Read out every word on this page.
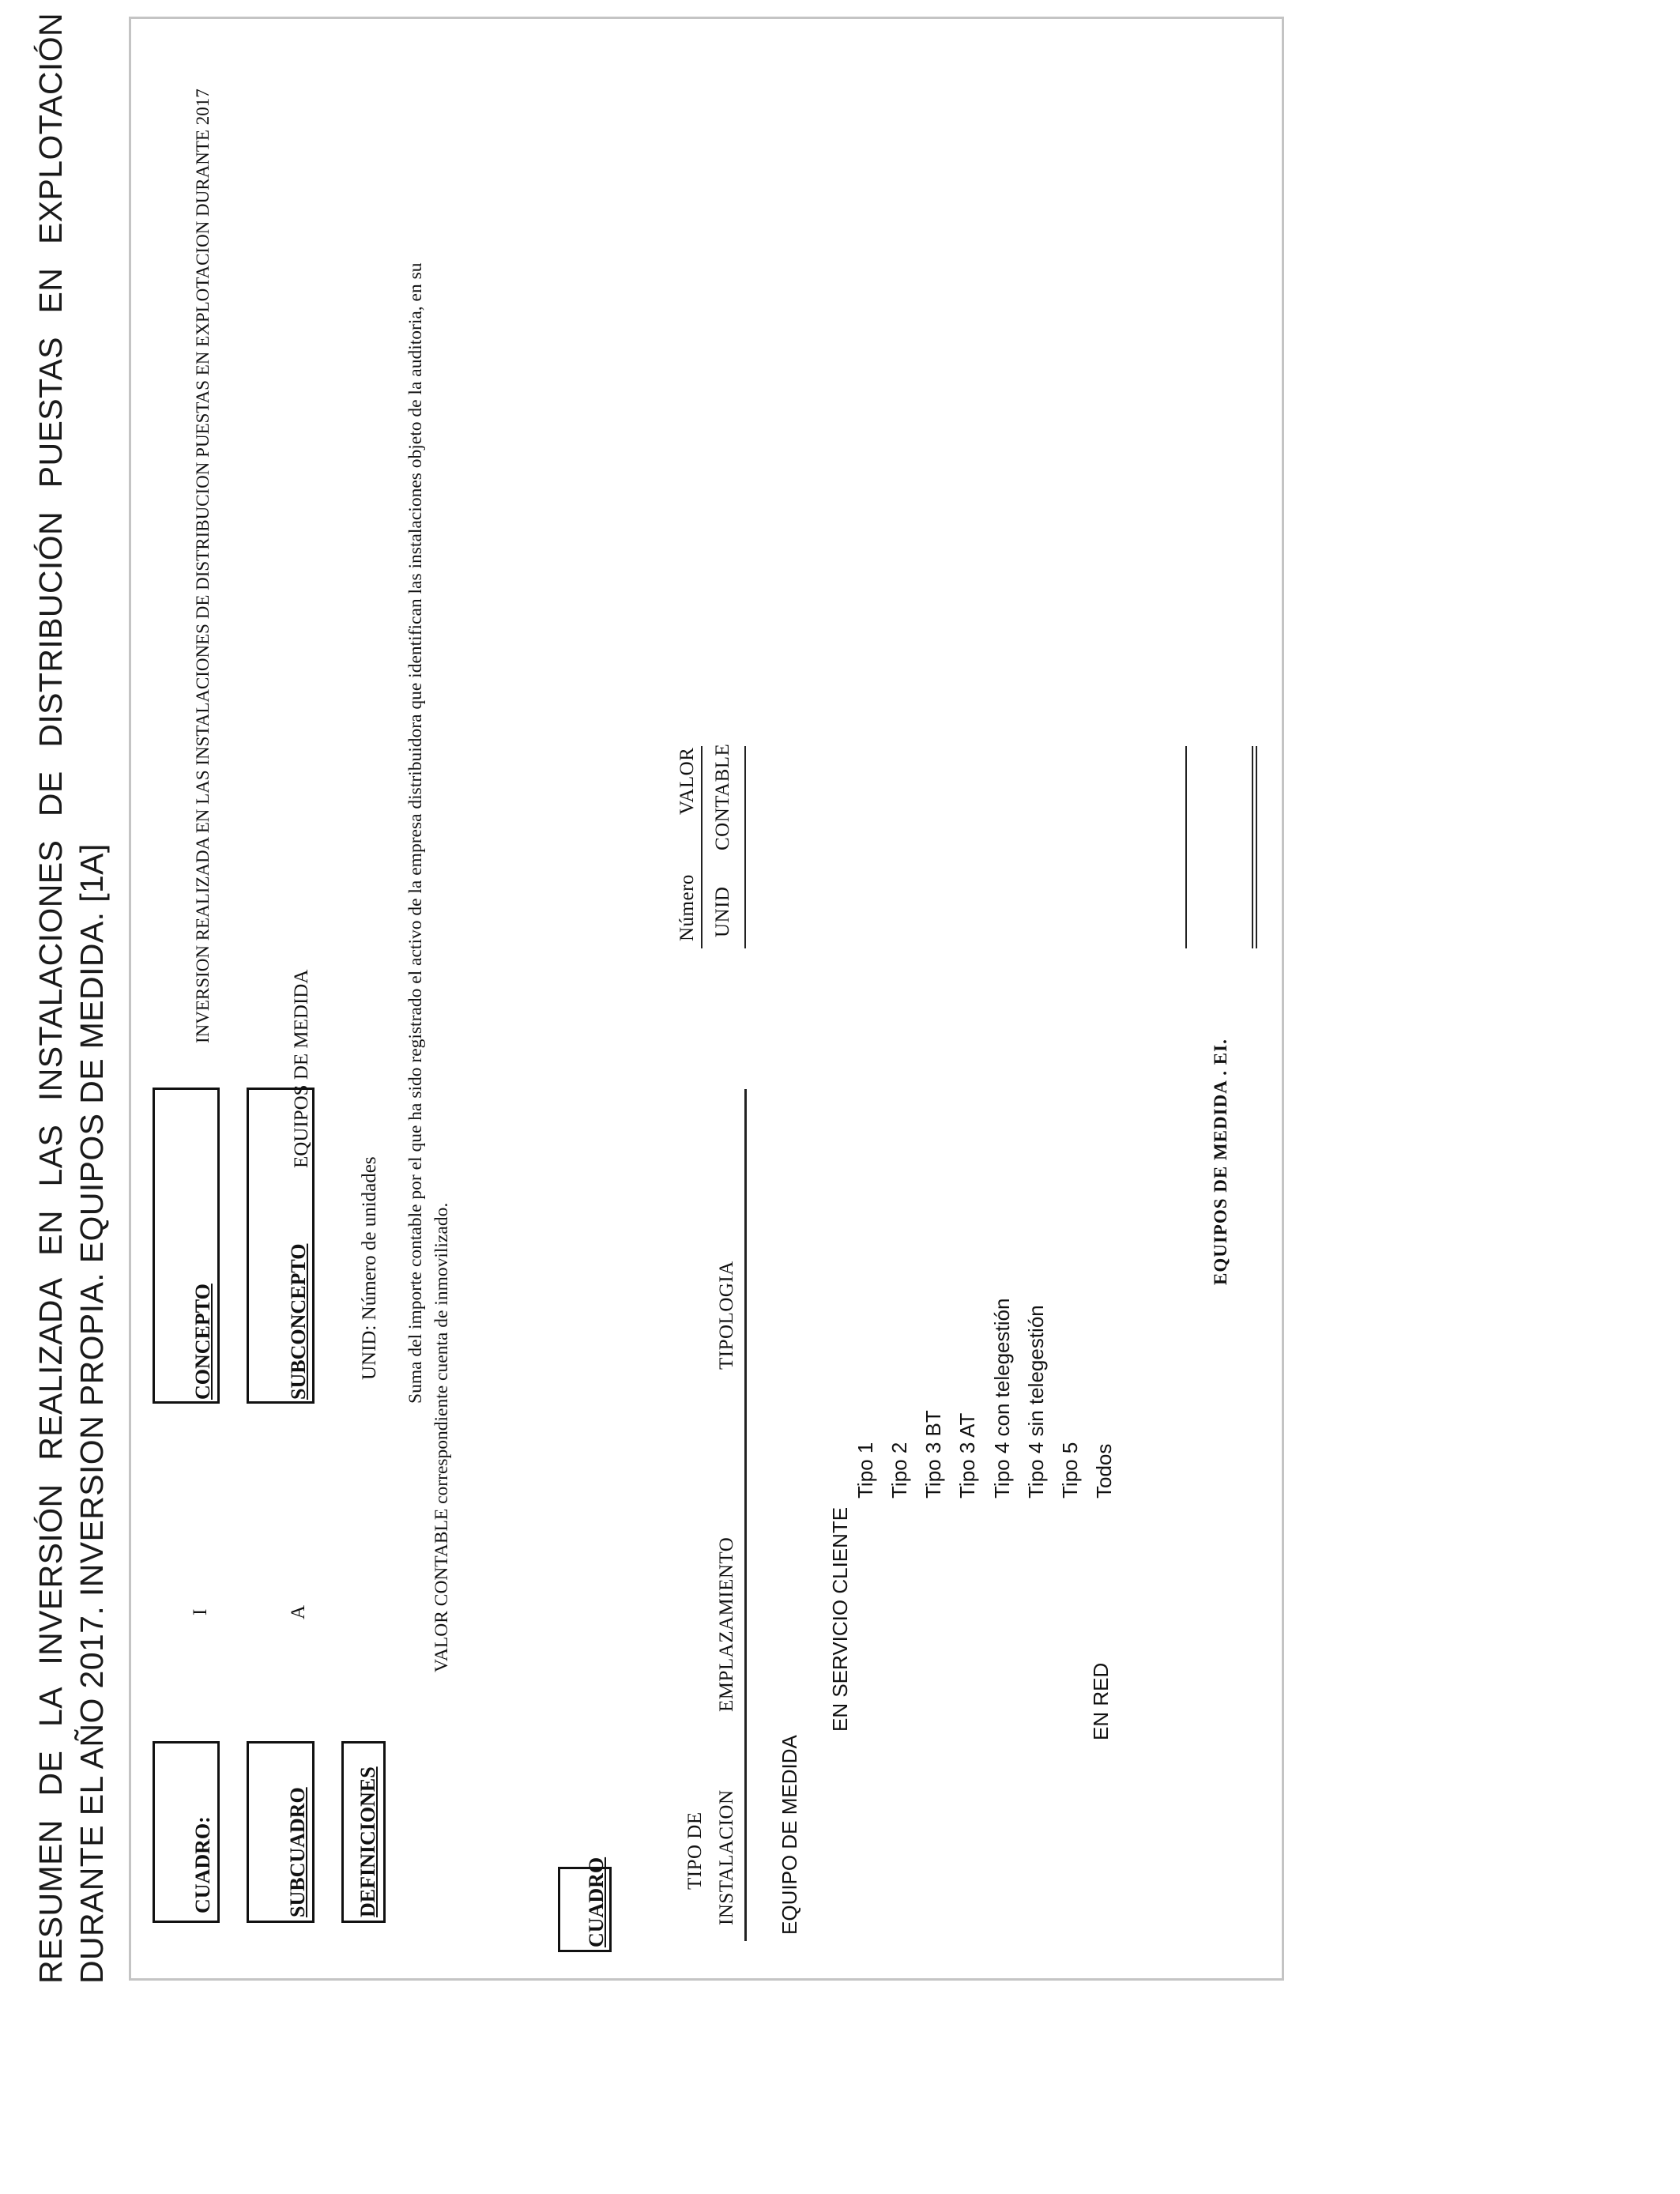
RESUMEN DE LA INVERSIÓN REALIZADA EN LAS INSTALACIONES DE DISTRIBUCIÓN PUESTAS EN EXPLOTACIÓN DURANTE EL AÑO 2017. INVERSION PROPIA. EQUIPOS DE MEDIDA. [1A]	CUADRO:
I
CONCEPTO
INVERSION REALIZADA EN LAS INSTALACIONES DE DISTRIBUCION PUESTAS EN EXPLOTACION DURANTE 2017
SUBCUADRO
A
SUBCONCEPTO
EQUIPOS DE MEDIDA
DEFINICIONES
UNID: Número de unidades Suma del importe contable por el que ha sido registrado el activo de la empresa distribuidora que identifican las instalaciones objeto de la auditoria, en su
VALOR CONTABLE correspondiente cuenta de inmovilizado.
CUADRO
TIPO DE INSTALACION
EMPLAZAMIENTO
TIPOLOGIA
Número
VALOR
UNID
CONTABLE
EQUIPO DE MEDIDA
EN SERVICIO CLIENTE	EN RED
Tipo 1 Tipo 2 Tipo 3 BT Tipo 3 AT Tipo 4 con telegestión Tipo 4 sin telegestión Tipo 5 Todos
EQUIPOS DE MEDIDA . EI.
